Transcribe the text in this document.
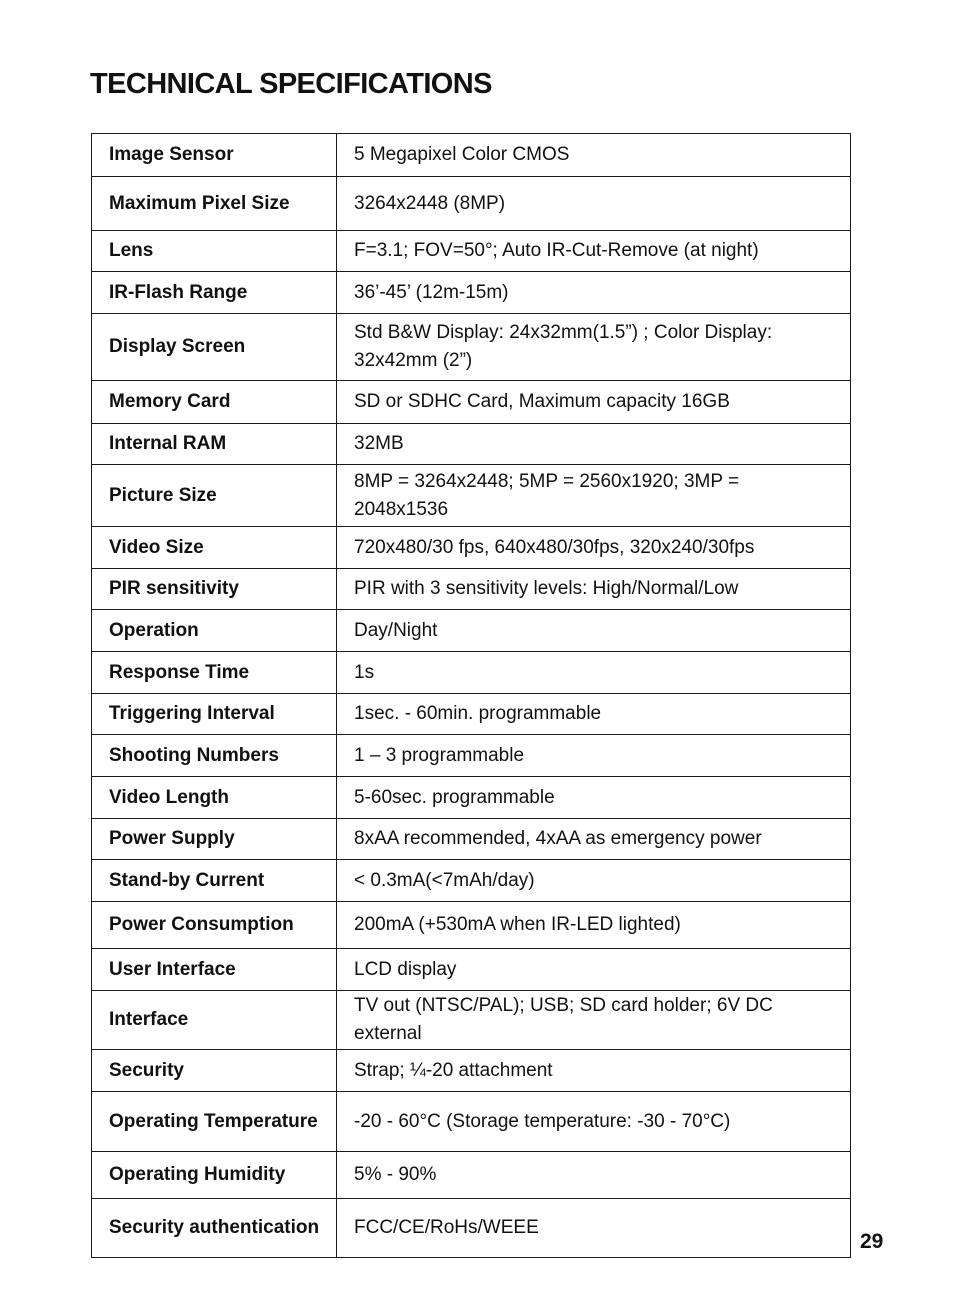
TECHNICAL SPECIFICATIONS
Image Sensor	5 Megapixel Color CMOS
Maximum Pixel Size	3264x2448 (8MP)
Lens	F=3.1; FOV=50°; Auto IR-Cut-Remove (at night)
IR-Flash Range	36’-45’ (12m-15m)
Display Screen	Std B&W Display: 24x32mm(1.5”) ; Color Display: 32x42mm (2”)
Memory Card	SD or SDHC Card, Maximum capacity 16GB
Internal RAM	32MB
Picture Size	8MP = 3264x2448; 5MP = 2560x1920; 3MP = 2048x1536
Video Size	720x480/30 fps, 640x480/30fps, 320x240/30fps
PIR sensitivity	PIR with 3 sensitivity levels: High/Normal/Low
Operation	Day/Night
Response Time	1s
Triggering Interval	1sec. - 60min. programmable
Shooting Numbers	1 – 3 programmable
Video Length	5-60sec. programmable
Power Supply	8xAA recommended, 4xAA as emergency power
Stand-by Current	< 0.3mA(<7mAh/day)
Power Consumption	200mA (+530mA when IR-LED lighted)
User Interface	LCD display
Interface	TV out (NTSC/PAL); USB; SD card holder; 6V DC external
Security	Strap; ¼-20 attachment
Operating Temperature	-20 - 60°C (Storage temperature: -30 - 70°C)
Operating Humidity	5% - 90%
Security authentication	FCC/CE/RoHs/WEEE
29
